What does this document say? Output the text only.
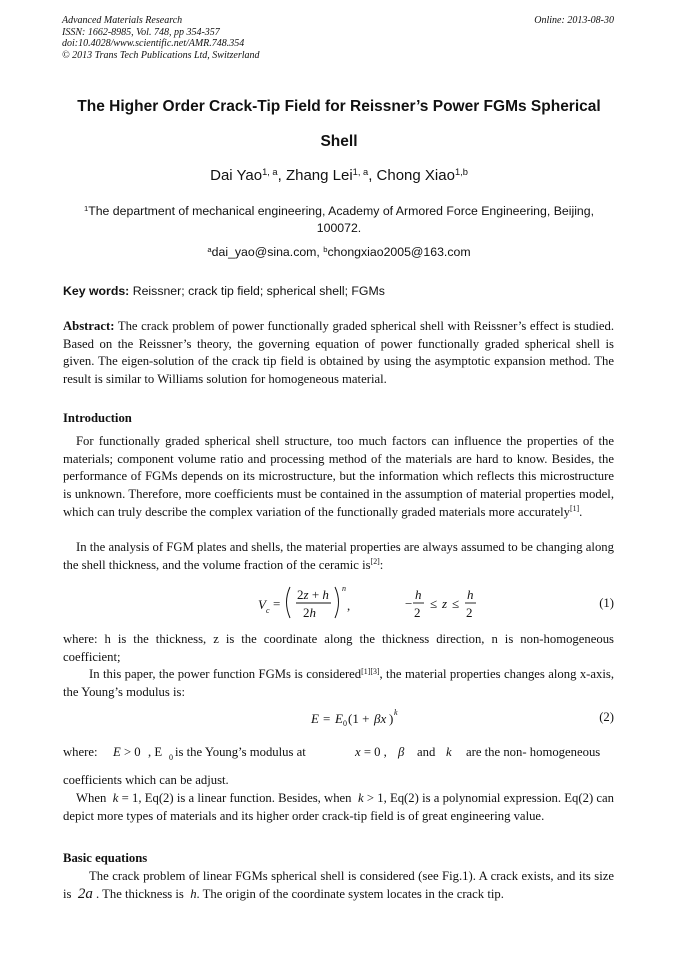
Advanced Materials Research
ISSN: 1662-8985, Vol. 748, pp 354-357
doi:10.4028/www.scientific.net/AMR.748.354
© 2013 Trans Tech Publications Ltd, Switzerland
Online: 2013-08-30
The Higher Order Crack-Tip Field for Reissner’s Power FGMs Spherical
Shell
Dai Yao$^{1, a}$, Zhang Lei$^{1, a}$, Chong Xiao$^{1,b}$
$^1$The department of mechanical engineering, Academy of Armored Force Engineering, Beijing, 100072.
$^a$dai_yao@sina.com, $^b$chongxiao2005@163.com
Key words: Reissner; crack tip field; spherical shell; FGMs
Abstract: The crack problem of power functionally graded spherical shell with Reissner’s effect is studied. Based on the Reissner’s theory, the governing equation of power functionally graded spherical shell is given. The eigen-solution of the crack tip field is obtained by using the asymptotic expansion method. The result is similar to Williams solution for homogeneous material.
Introduction
For functionally graded spherical shell structure, too much factors can influence the properties of the materials; component volume ratio and processing method of the materials are hard to know. Besides, the performance of FGMs depends on its microstructure, but the information which reflects this microstructure is unknown. Therefore, more coefficients must be contained in the assumption of material properties model, which can truly describe the complex variation of the functionally graded materials more accurately[1].
In the analysis of FGM plates and shells, the material properties are always assumed to be changing along the shell thickness, and the volume fraction of the ceramic is[2]:
V c =
2z + h
2h
n
,	−
h
2
≤ z ≤
h
2
(1)
where: h is the thickness, z is the coordinate along the thickness direction, n is non-homogeneous coefficient;
In this paper, the power function FGMs is considered[1][3], the material properties changes along x-axis, the Young’s modulus is:
E = E 0 (1 + βx ) k	(2)
where: E > 0 , E 0 is the Young’s modulus at	x = 0 , β and k are the non- homogeneous
coefficients which can be adjust.
When k = 1, Eq(2) is a linear function. Besides, when k > 1, Eq(2) is a polynomial expression. Eq(2) can depict more types of materials and its higher order crack-tip field is of great engineering value.
Basic equations
The crack problem of linear FGMs spherical shell is considered (see Fig.1). A crack exists, and its size is 2a . The thickness is h. The origin of the coordinate system locates in the crack tip.
